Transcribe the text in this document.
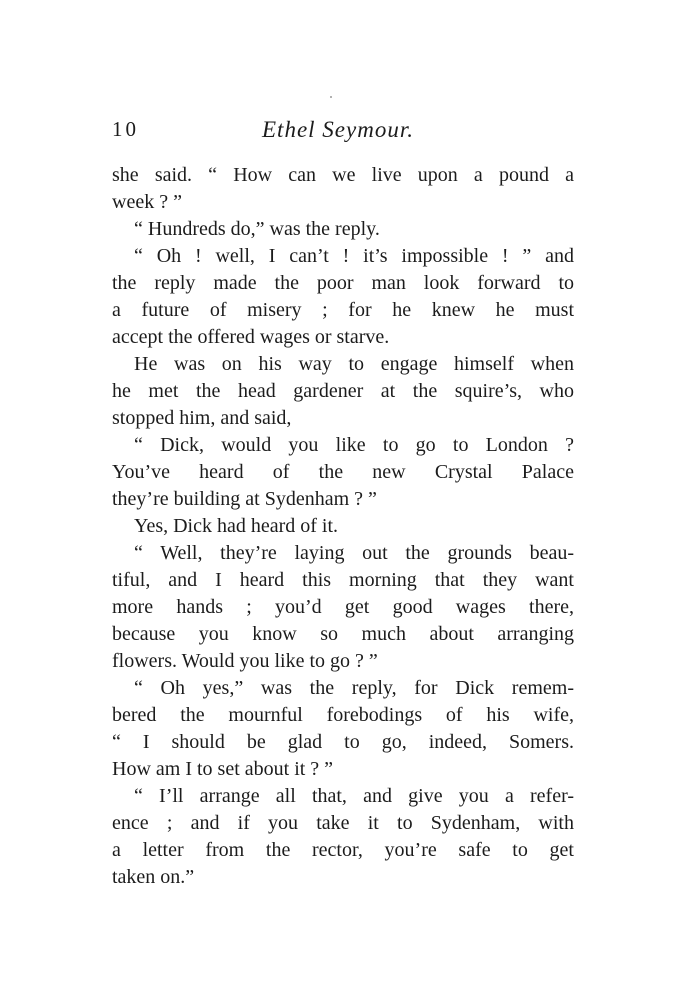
10	Ethel Seymour.
she said. “ How can we live upon a pound a
week ? ”
“ Hundreds do,” was the reply.
“ Oh ! well, I can’t ! it’s impossible ! ” and
the reply made the poor man look forward to
a future of misery ; for he knew he must
accept the offered wages or starve.
He was on his way to engage himself when
he met the head gardener at the squire’s, who
stopped him, and said,
“ Dick, would you like to go to London ?
You’ve heard of the new Crystal Palace
they’re building at Sydenham ? ”
Yes, Dick had heard of it.
“ Well, they’re laying out the grounds beau-
tiful, and I heard this morning that they want
more hands ; you’d get good wages there,
because you know so much about arranging
flowers. Would you like to go ? ”
“ Oh yes,” was the reply, for Dick remem-
bered the mournful forebodings of his wife,
“ I should be glad to go, indeed, Somers.
How am I to set about it ? ”
“ I’ll arrange all that, and give you a refer-
ence ; and if you take it to Sydenham, with
a letter from the rector, you’re safe to get
taken on.”
